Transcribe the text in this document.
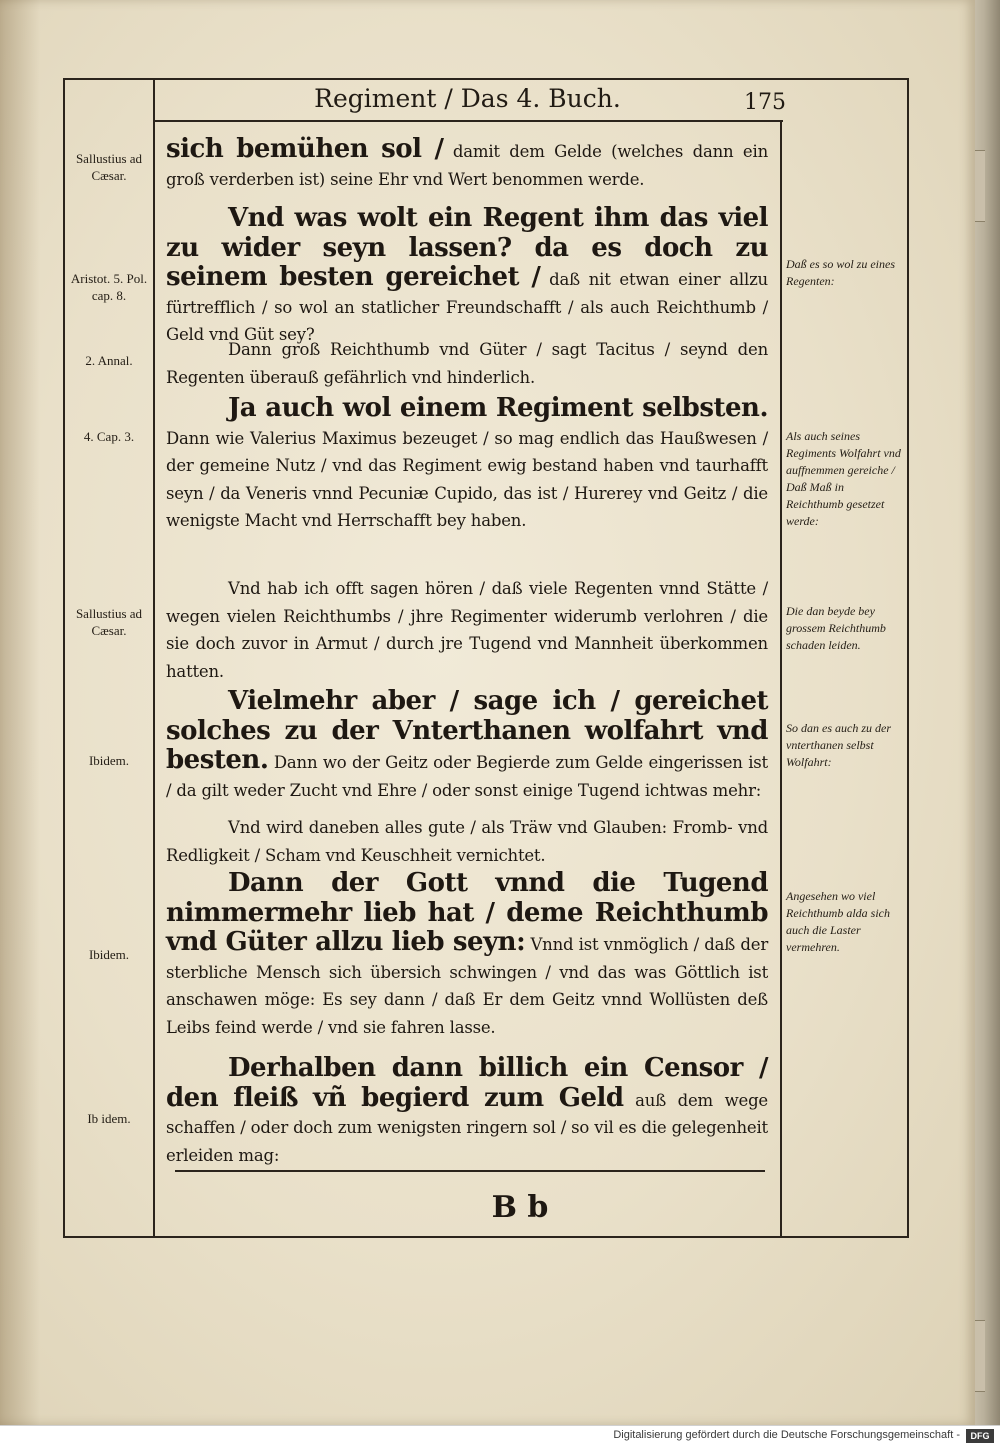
Regiment / Das 4. Buch.	175
Sallustius ad Cæsar.
Aristot. 5. Pol. cap. 8.
2. Annal.
4. Cap. 3.
Sallustius ad Cæsar.
Ibidem.
Ibidem.
Ib idem.
Daß es so wol zu eines Regenten:
Als auch seines Regiments Wolfahrt vnd auffnemmen gereiche / Daß Maß in Reichthumb gesetzet werde:
Die dan beyde bey grossem Reichthumb schaden leiden.
So dan es auch zu der vnterthanen selbst Wolfahrt:
Angesehen wo viel Reichthumb alda sich auch die Laster vermehren.
sich bemühen sol / damit dem Gelde (welches dann ein groß verderben ist) seine Ehr vnd Wert benommen werde.
Vnd was wolt ein Regent ihm das viel zu wider seyn lassen? da es doch zu seinem besten gereichet / daß nit etwan einer allzu fürtrefflich / so wol an statlicher Freundschafft / als auch Reichthumb / Geld vnd Güt sey?
Dann groß Reichthumb vnd Güter / sagt Tacitus / seynd den Regenten überauß gefährlich vnd hinderlich.
Ja auch wol einem Regiment selbsten. Dann wie Valerius Maximus bezeuget / so mag endlich das Haußwesen / der gemeine Nutz / vnd das Regiment ewig bestand haben vnd taurhafft seyn / da Veneris vnnd Pecuniæ Cupido, das ist / Hurerey vnd Geitz / die wenigste Macht vnd Herrschafft bey haben.
Vnd hab ich offt sagen hören / daß viele Regenten vnnd Stätte / wegen vielen Reichthumbs / jhre Regimenter widerumb verlohren / die sie doch zuvor in Armut / durch jre Tugend vnd Mannheit überkommen hatten.
Vielmehr aber / sage ich / gereichet solches zu der Vnterthanen wolfahrt vnd besten. Dann wo der Geitz oder Begierde zum Gelde eingerissen ist / da gilt weder Zucht vnd Ehre / oder sonst einige Tugend ichtwas mehr:
Vnd wird daneben alles gute / als Träw vnd Glauben: Fromb- vnd Redligkeit / Scham vnd Keuschheit vernichtet.
Dann der Gott vnnd die Tugend nimmermehr lieb hat / deme Reichthumb vnd Güter allzu lieb seyn: Vnnd ist vnmöglich / daß der sterbliche Mensch sich übersich schwingen / vnd das was Göttlich ist anschawen möge: Es sey dann / daß Er dem Geitz vnnd Wollüsten deß Leibs feind werde / vnd sie fahren lasse.
Derhalben dann billich ein Censor / den fleiß vñ begierd zum Geld auß dem wege schaffen / oder doch zum wenigsten ringern sol / so vil es die gelegenheit erleiden mag:
B b
Digitalisierung gefördert durch die Deutsche Forschungsgemeinschaft -	DFG
